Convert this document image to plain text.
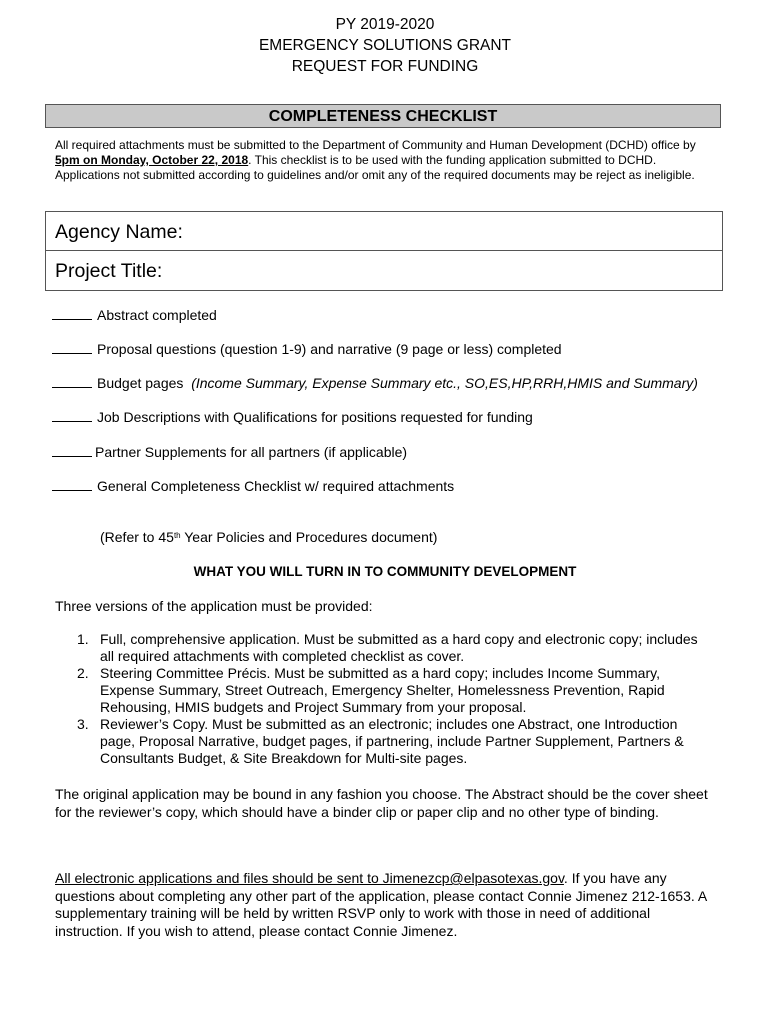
PY 2019-2020
EMERGENCY SOLUTIONS GRANT
REQUEST FOR FUNDING
COMPLETENESS CHECKLIST
All required attachments must be submitted to the Department of Community and Human Development (DCHD) office by 5pm on Monday, October 22, 2018. This checklist is to be used with the funding application submitted to DCHD. Applications not submitted according to guidelines and/or omit any of the required documents may be reject as ineligible.
Agency Name:
Project Title:
Abstract completed
Proposal questions (question 1-9) and narrative (9 page or less) completed
Budget pages (Income Summary, Expense Summary etc., SO,ES,HP,RRH,HMIS and Summary)
Job Descriptions with Qualifications for positions requested for funding
Partner Supplements for all partners (if applicable)
General Completeness Checklist w/ required attachments
(Refer to 45th Year Policies and Procedures document)
WHAT YOU WILL TURN IN TO COMMUNITY DEVELOPMENT
Three versions of the application must be provided:
1. Full, comprehensive application. Must be submitted as a hard copy and electronic copy; includes all required attachments with completed checklist as cover.
2. Steering Committee Précis. Must be submitted as a hard copy; includes Income Summary, Expense Summary, Street Outreach, Emergency Shelter, Homelessness Prevention, Rapid Rehousing, HMIS budgets and Project Summary from your proposal.
3. Reviewer’s Copy. Must be submitted as an electronic; includes one Abstract, one Introduction page, Proposal Narrative, budget pages, if partnering, include Partner Supplement, Partners & Consultants Budget, & Site Breakdown for Multi-site pages.
The original application may be bound in any fashion you choose. The Abstract should be the cover sheet for the reviewer’s copy, which should have a binder clip or paper clip and no other type of binding.
All electronic applications and files should be sent to Jimenezcp@elpasotexas.gov. If you have any questions about completing any other part of the application, please contact Connie Jimenez 212-1653. A supplementary training will be held by written RSVP only to work with those in need of additional instruction. If you wish to attend, please contact Connie Jimenez.
